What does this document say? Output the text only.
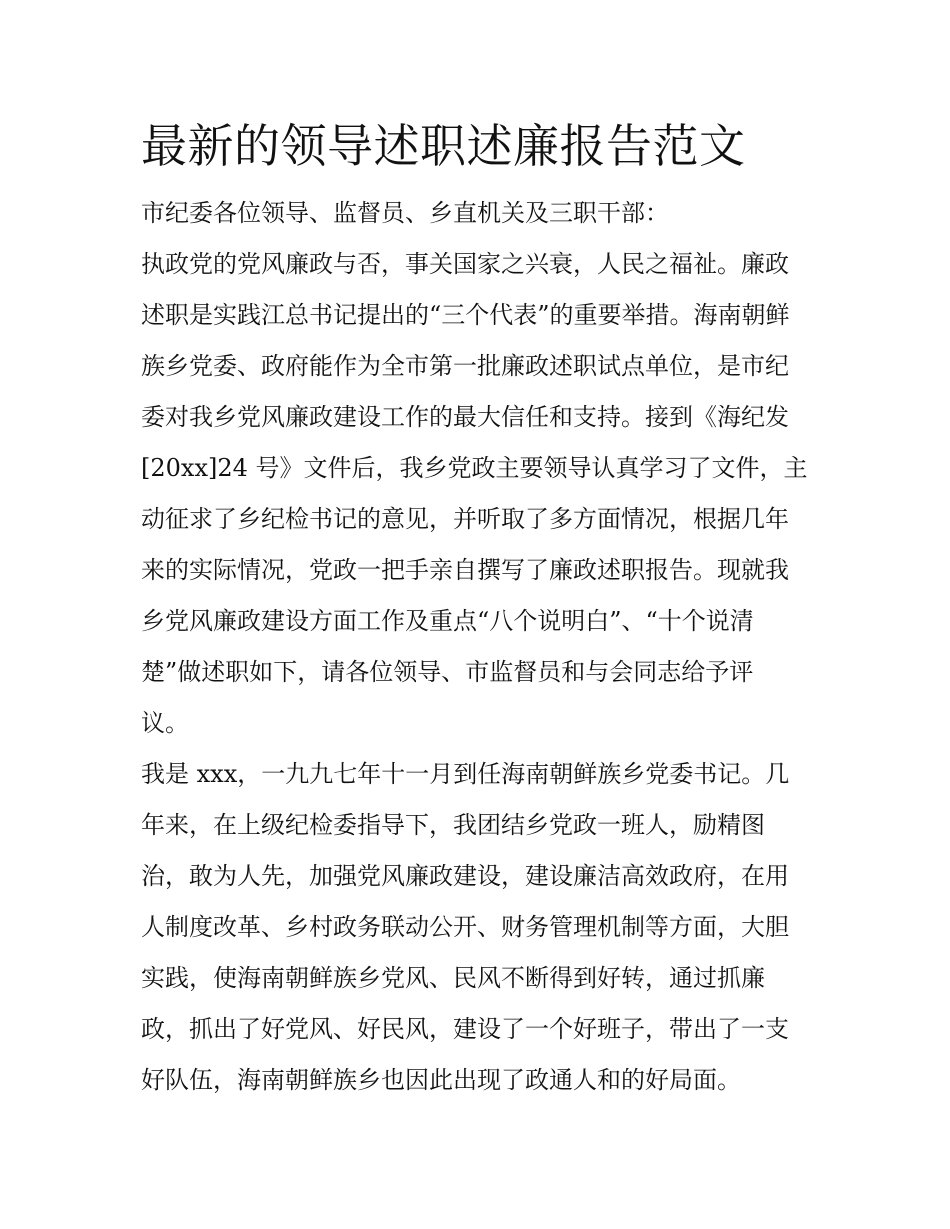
最新的领导述职述廉报告范文
市纪委各位领导、监督员、乡直机关及三职干部：
执政党的党风廉政与否，事关国家之兴衰，人民之福祉。廉政
述职是实践江总书记提出的“三个代表”的重要举措。海南朝鲜
族乡党委、政府能作为全市第一批廉政述职试点单位，是市纪
委对我乡党风廉政建设工作的最大信任和支持。接到《海纪发
[20xx]24 号》文件后，我乡党政主要领导认真学习了文件，主
动征求了乡纪检书记的意见，并听取了多方面情况，根据几年
来的实际情况，党政一把手亲自撰写了廉政述职报告。现就我
乡党风廉政建设方面工作及重点“八个说明白”、“十个说清
楚”做述职如下，请各位领导、市监督员和与会同志给予评
议。
我是 xxx，一九九七年十一月到任海南朝鲜族乡党委书记。几
年来，在上级纪检委指导下，我团结乡党政一班人，励精图
治，敢为人先，加强党风廉政建设，建设廉洁高效政府，在用
人制度改革、乡村政务联动公开、财务管理机制等方面，大胆
实践，使海南朝鲜族乡党风、民风不断得到好转，通过抓廉
政，抓出了好党风、好民风，建设了一个好班子，带出了一支
好队伍，海南朝鲜族乡也因此出现了政通人和的好局面。
